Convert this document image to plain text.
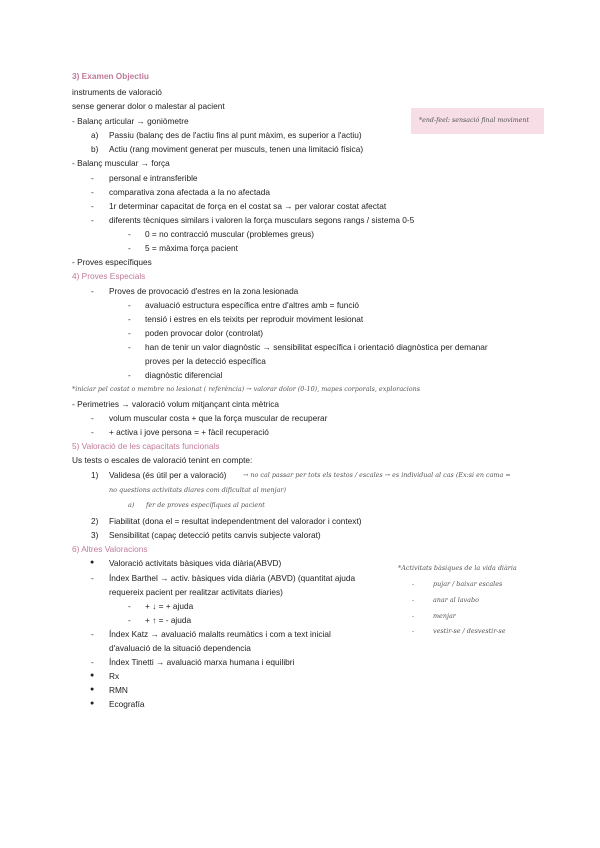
3) Examen Objectiu
instruments de valoració
sense generar dolor o malestar al pacient
- Balanç articular → goniòmetre	*end-feel: sensació final moviment
a) Passiu (balanç des de l'actiu fins al punt màxim, es superior a l'actiu)
b) Actiu (rang moviment generat per musculs, tenen una limitació física)
- Balanç muscular → força
- personal e intransferible
- comparativa zona afectada a la no afectada
- 1r determinar capacitat de força en el costat sa → per valorar costat afectat
- diferents tècniques similars i valoren la força musculars segons rangs / sistema 0-5
- 0 = no contracció muscular (problemes greus)
- 5 = màxima força pacient
- Proves específiques
4) Proves Especials
- Proves de provocació d'estres en la zona lesionada
- avaluació estructura específica entre d'altres amb = funció
- tensió i estres en els teixits per reproduir moviment lesionat
- poden provocar dolor (controlat)
- han de tenir un valor diagnòstic → sensibilitat específica i orientació diagnòstica per demanar
proves per la detecció específica
- diagnòstic diferencial
*iniciar pel costat o membre no lesionat ( referència) → valorar dolor (0-10), mapes corporals, exploracions
- Perimetries → valoració volum mitjançant cinta mètrica
- volum muscular costa + que la força muscular de recuperar
- + activa i jove persona = + fàcil recuperació
5) Valoració de les capacitats funcionals
Us tests o escales de valoració tenint en compte:
1) Validesa (és útil per a valoració)	→ no cal passar per tots els testos / escales → es individual al cas (Ex:si en cama =
no questions activitats diares com dificultat al menjar)
a) fer de proves específiques al pacient
2) Fiabilitat (dona el = resultat independentment del valorador i context)
3) Sensibilitat (capaç detecció petits canvis subjecte valorat)
6) Altres Valoracions
● Valoració activitats bàsiques vida diària(ABVD)
- Índex Barthel → activ. bàsiques vida diària (ABVD) (quantitat ajuda
requereix pacient per realitzar activitats diaries)
- + ↓ = + ajuda
- + ↑ = - ajuda
- Índex Katz → avaluació malalts reumàtics i com a text inicial
d'avaluació de la situació dependencia
- Índex Tinetti → avaluació marxa humana i equilibri
● Rx
● RMN
● Ecografía
*Activitats bàsiques de la vida diària
-	pujar / baixar escales
-	anar al lavabo
-	menjar
-	vestir-se / desvestir-se
